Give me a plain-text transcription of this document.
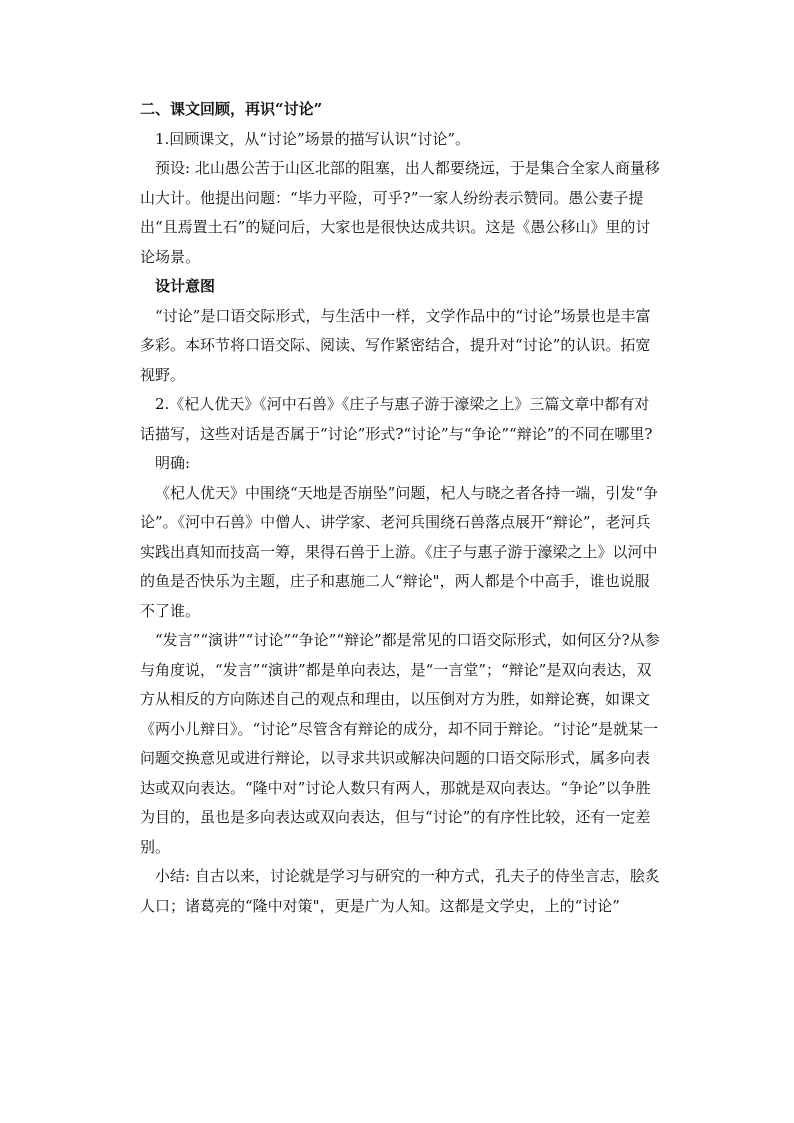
二、课文回顾，再识“讨论”

1.回顾课文，从“讨论”场景的描写认识“讨论”。

预设: 北山愚公苦于山区北部的阻塞，出人都要绕远，于是集合全家人商量移山大计。他提出问题：“毕力平险，可乎?”一家人纷纷表示赞同。愚公妻子提出“且焉置土石”的疑问后，大家也是很快达成共识。这是《愚公移山》里的讨论场景。

设计意图

“讨论”是口语交际形式，与生活中一样，文学作品中的“讨论”场景也是丰富多彩。本环节将口语交际、阅读、写作紧密结合，提升对“讨论”的认识。拓宽视野。

2.《杞人优天》《河中石兽》《庄子与惠子游于濠梁之上》三篇文章中都有对话描写，这些对话是否属于“讨论”形式?“讨论”与“争论”“辩论”的不同在哪里?

明确:

《杞人优天》中围绕“天地是否崩坠”问题，杞人与晓之者各持一端，引发“争论”。《河中石兽》中僧人、讲学家、老河兵围绕石兽落点展开“辩论”，老河兵实践出真知而技高一筹，果得石兽于上游。《庄子与惠子游于濠梁之上》以河中的鱼是否快乐为主题，庄子和惠施二人“辩论"，两人都是个中高手，谁也说服不了谁。

“发言”“演讲”“讨论”“争论”“辩论”都是常见的口语交际形式，如何区分?从参与角度说，“发言”“演讲”都是单向表达，是“一言堂”；“辩论”是双向表达，双方从相反的方向陈述自己的观点和理由，以压倒对方为胜，如辩论赛，如课文《两小儿辩日》。“讨论”尽管含有辩论的成分，却不同于辩论。“讨论”是就某一问题交换意见或进行辩论，以寻求共识或解决问题的口语交际形式，属多向表达或双向表达。“隆中对”讨论人数只有两人，那就是双向表达。“争论”以争胜为目的，虽也是多向表达或双向表达，但与“讨论”的有序性比较，还有一定差别。

小结: 自古以来，讨论就是学习与研究的一种方式，孔夫子的侍坐言志，脍炙人口；诸葛亮的“隆中对策"，更是广为人知。这都是文学史，上的“讨论”
